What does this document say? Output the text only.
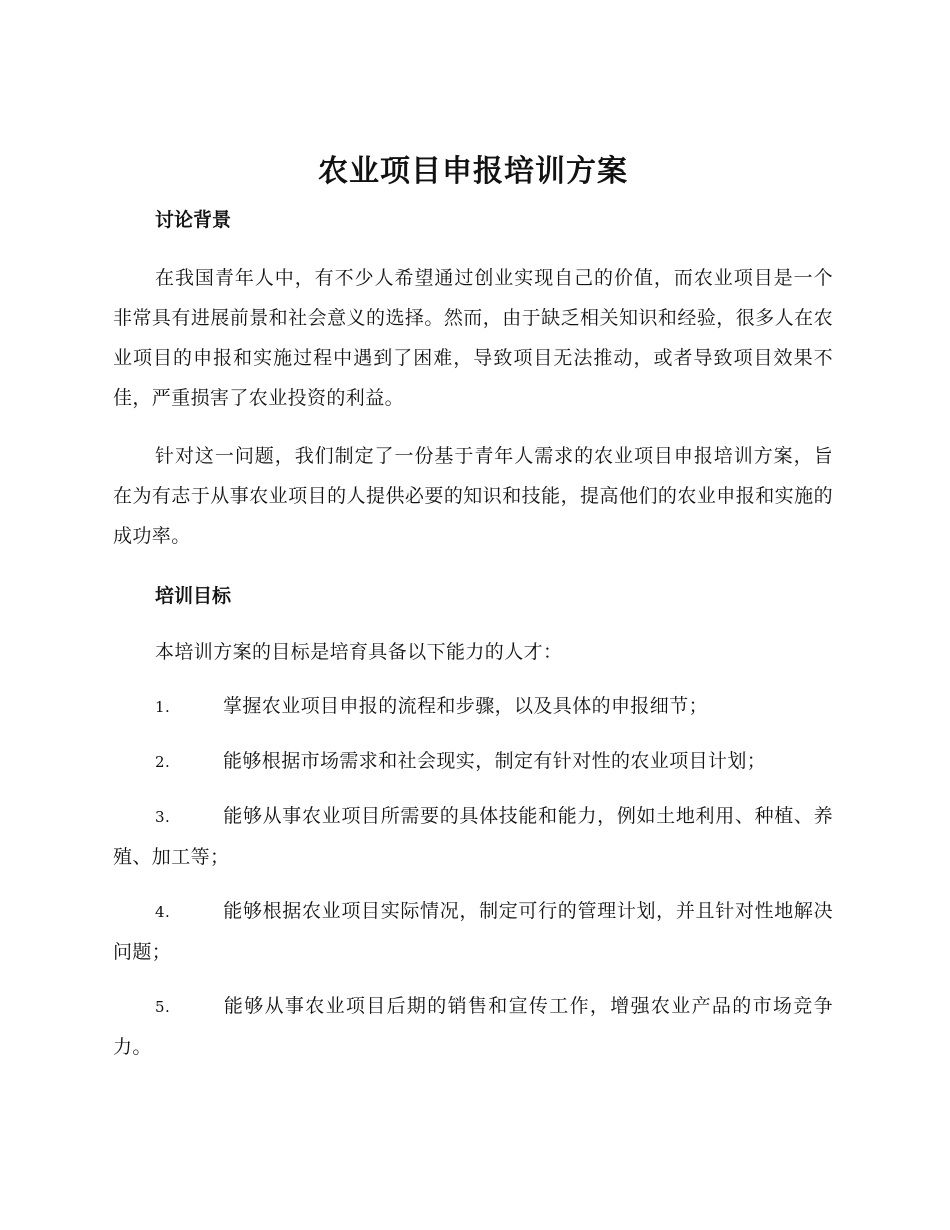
农业项目申报培训方案
讨论背景

在我国青年人中，有不少人希望通过创业实现自己的价值，而农业项目是一个非常具有进展前景和社会意义的选择。然而，由于缺乏相关知识和经验，很多人在农业项目的申报和实施过程中遇到了困难，导致项目无法推动，或者导致项目效果不佳，严重损害了农业投资的利益。

针对这一问题，我们制定了一份基于青年人需求的农业项目申报培训方案，旨在为有志于从事农业项目的人提供必要的知识和技能，提高他们的农业申报和实施的成功率。

培训目标

本培训方案的目标是培育具备以下能力的人才：

1.	掌握农业项目申报的流程和步骤，以及具体的申报细节；

2.	能够根据市场需求和社会现实，制定有针对性的农业项目计划；

3.	能够从事农业项目所需要的具体技能和能力，例如土地利用、种植、养殖、加工等；

4.	能够根据农业项目实际情况，制定可行的管理计划，并且针对性地解决问题；

5.	能够从事农业项目后期的销售和宣传工作，增强农业产品的市场竞争力。
